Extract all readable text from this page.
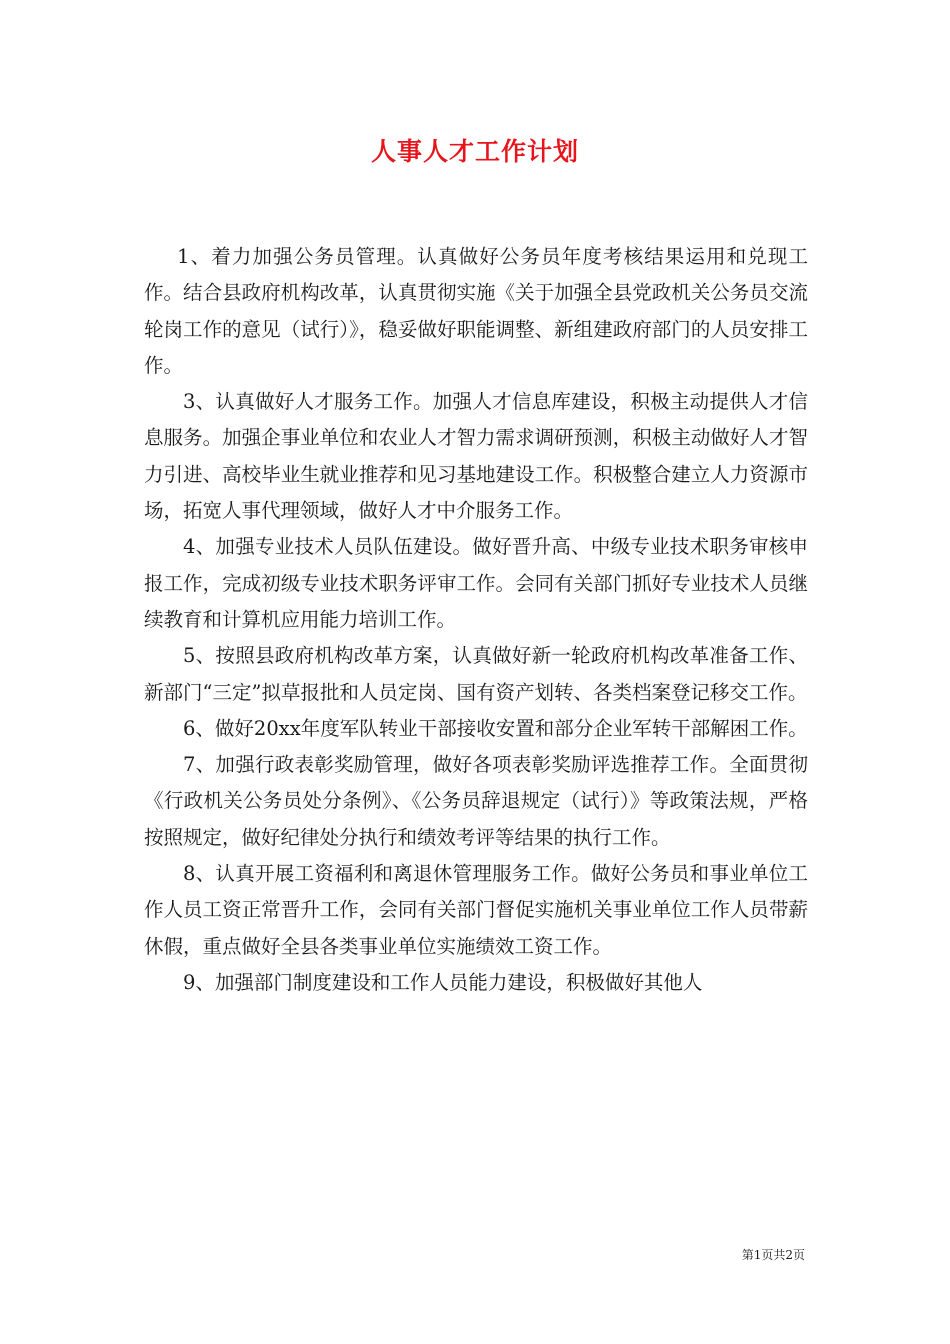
人事人才工作计划

1、着力加强公务员管理。认真做好公务员年度考核结果运用和兑现工作。结合县政府机构改革，认真贯彻实施《关于加强全县党政机关公务员交流轮岗工作的意见（试行）》，稳妥做好职能调整、新组建政府部门的人员安排工作。

3、认真做好人才服务工作。加强人才信息库建设，积极主动提供人才信息服务。加强企事业单位和农业人才智力需求调研预测，积极主动做好人才智力引进、高校毕业生就业推荐和见习基地建设工作。积极整合建立人力资源市场，拓宽人事代理领域，做好人才中介服务工作。

4、加强专业技术人员队伍建设。做好晋升高、中级专业技术职务审核申报工作，完成初级专业技术职务评审工作。会同有关部门抓好专业技术人员继续教育和计算机应用能力培训工作。

5、按照县政府机构改革方案，认真做好新一轮政府机构改革准备工作、新部门“三定”拟草报批和人员定岗、国有资产划转、各类档案登记移交工作。

6、做好20xx年度军队转业干部接收安置和部分企业军转干部解困工作。

7、加强行政表彰奖励管理，做好各项表彰奖励评选推荐工作。全面贯彻《行政机关公务员处分条例》、《公务员辞退规定（试行）》等政策法规，严格按照规定，做好纪律处分执行和绩效考评等结果的执行工作。

8、认真开展工资福利和离退休管理服务工作。做好公务员和事业单位工作人员工资正常晋升工作，会同有关部门督促实施机关事业单位工作人员带薪休假，重点做好全县各类事业单位实施绩效工资工作。

9、加强部门制度建设和工作人员能力建设，积极做好其他人

第1页共2页
